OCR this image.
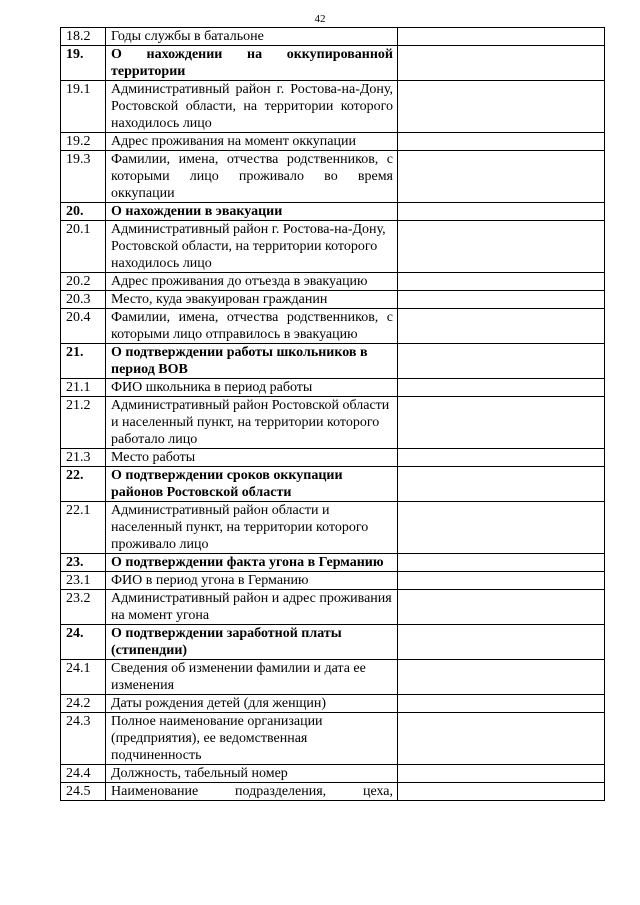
42
18.2	Годы службы в батальоне	
19.	О нахождении на оккупированной территории	
19.1	Административный район г. Ростова-на-Дону, Ростовской области, на территории которого находилось лицо	
19.2	Адрес проживания на момент оккупации	
19.3	Фамилии, имена, отчества родственников, с которыми лицо проживало во время оккупации	
20.	О нахождении в эвакуации	
20.1	Административный район г. Ростова-на-Дону, Ростовской области, на территории которого находилось лицо	
20.2	Адрес проживания до отъезда в эвакуацию	
20.3	Место, куда эвакуирован гражданин	
20.4	Фамилии, имена, отчества родственников, с которыми лицо отправилось в эвакуацию	
21.	О подтверждении работы школьников в период ВОВ	
21.1	ФИО школьника в период работы	
21.2	Административный район Ростовской области и населенный пункт, на территории которого работало лицо	
21.3	Место работы	
22.	О подтверждении сроков оккупации районов Ростовской области	
22.1	Административный район области и населенный пункт, на территории которого проживало лицо	
23.	О подтверждении факта угона в Германию	
23.1	ФИО в период угона в Германию	
23.2	Административный район и адрес проживания на момент угона	
24.	О подтверждении заработной платы (стипендии)	
24.1	Сведения об изменении фамилии и дата ее изменения	
24.2	Даты рождения детей (для женщин)	
24.3	Полное наименование организации (предприятия), ее ведомственная подчиненность	
24.4	Должность, табельный номер	
24.5	Наименование подразделения, цеха,	
